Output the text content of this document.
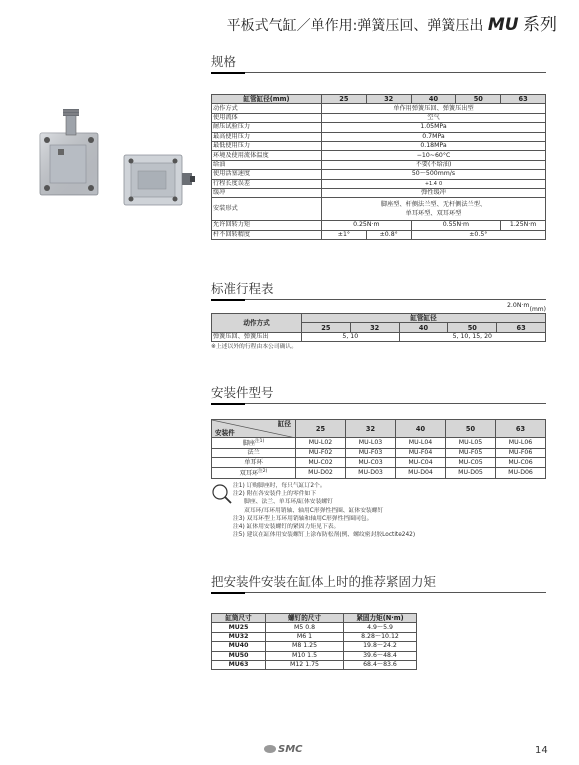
平板式气缸／单作用:弹簧压回、弹簧压出 MU 系列
规格
缸管缸径(mm)	25	32	40	50	63
动作方式	单作用弹簧压回、弹簧压出型				
使用流体	空气				
耐压试验压力	1.05MPa				
最高使用压力	0.7MPa				
最低使用压力	0.18MPa				
环境及使用流体温度	−10~60°C				
给油	不要(不给油)				
使用活塞速度	50～500mm/s				
行程长度误差	+1.4 0				
缓冲	弹性缓冲				
安装形式	脚座型、杆侧法兰型、无杆侧法兰型、
单耳环型、双耳环型				

允许回转力矩	0.25N·m		0.55N·m		1.25N·m
杆不回转精度	±1°	±0.8°	±0.5°		
2.0N·m
标准行程表
(mm)
动作方式	缸管缸径				
	25	32	40	50	63
弹簧压回、弹簧压出	5, 10		5, 10, 15, 20		
※上述以外的行程由本公司确认。
安装件型号
缸径
安装件	25	32	40	50	63
脚座$^{注1)}$	MU-L02	MU-L03	MU-L04	MU-L05	MU-L06
法兰	MU-F02	MU-F03	MU-F04	MU-F05	MU-F06
单耳环	MU-C02	MU-C03	MU-C04	MU-C05	MU-C06
双耳环$^{注2)}$	MU-D02	MU-D03	MU-D04	MU-D05	MU-D06
注1) 订购脚座时，每只气缸订2个。
注2) 附在各安装件上的零件如下
脚座、法兰、单耳环/缸体安装螺钉
双耳环/耳环用销轴、轴用C形弹性挡圈、缸体安装螺钉
注3) 双耳环型上耳环用销轴和轴用C形弹性挡圈同包。
注4) 缸体用安装螺钉的紧固力矩见下表。
注5) 建议在缸体用安装螺钉上涂布防松剂(例、螺纹密封胶Loctite242)
把安装件安装在缸体上时的推荐紧固力矩
缸筒尺寸	螺钉的尺寸	紧固力矩(N·m)
MU25	M5 0.8	4.9～5.9
MU32	M6 1	8.28～10.12
MU40	M8 1.25	19.8～24.2
MU50	M10 1.5	39.6～48.4
MU63	M12 1.75	68.4～83.6
SMC	14
